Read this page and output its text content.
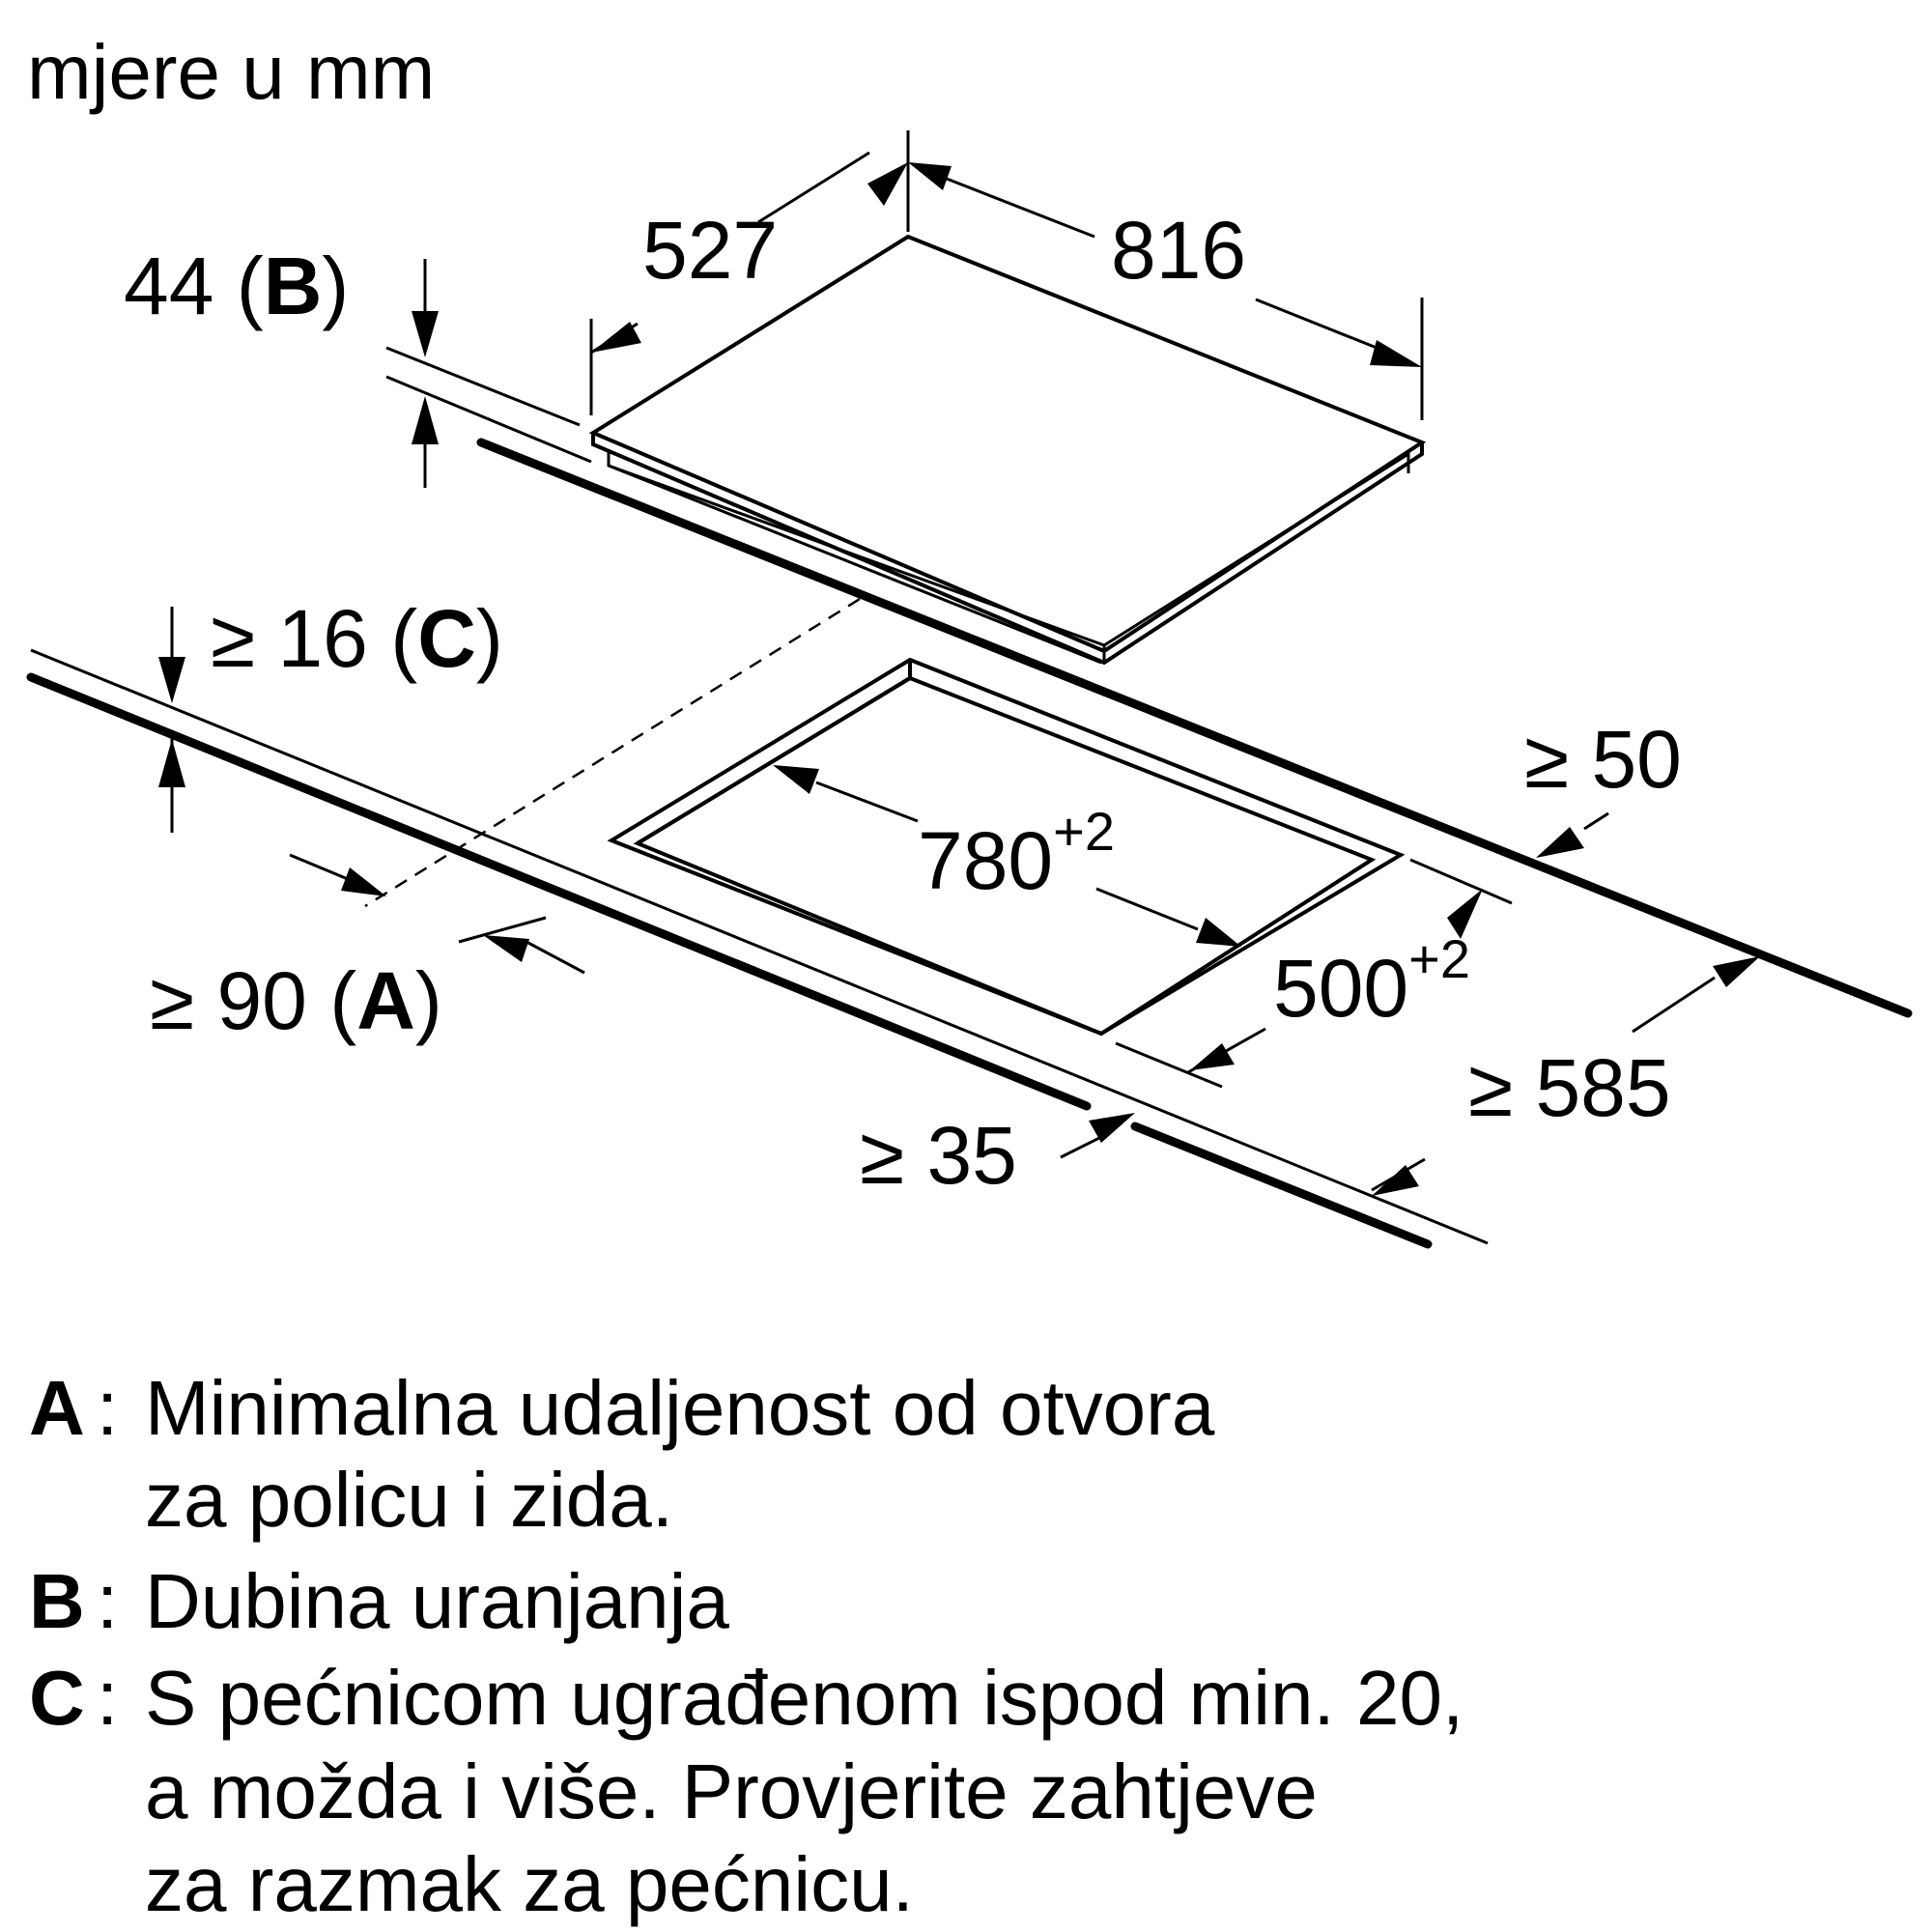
mjere u mm
527	816
44 (B)
≥ 16 (C)
$780^{+2}$
$500^{+2}$
≥ 50
≥ 585
≥ 35
≥ 90 (A)
A : Minimalna udaljenost od otvora
za policu i zida.
B : Dubina uranjanja
C : S pećnicom ugrađenom ispod min. 20,
a možda i više. Provjerite zahtjeve
za razmak za pećnicu.
